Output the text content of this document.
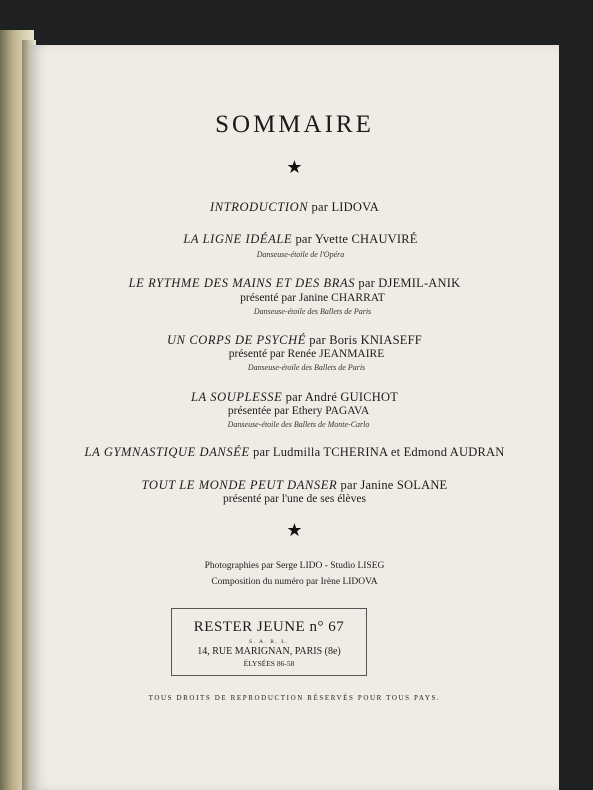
SOMMAIRE
★
INTRODUCTION par LIDOVA
LA LIGNE IDÉALE par Yvette CHAUVIRÉ
Danseuse-étoile de l'Opéra
LE RYTHME DES MAINS ET DES BRAS par DJEMIL-ANIK
présenté par Janine CHARRAT
Danseuse-étoile des Ballets de Paris
UN CORPS DE PSYCHÉ par Boris KNIASEFF
présenté par Renée JEANMAIRE
Danseuse-étoile des Ballets de Paris
LA SOUPLESSE par André GUICHOT
présentée par Ethery PAGAVA
Danseuse-étoile des Ballets de Monte-Carlo
LA GYMNASTIQUE DANSÉE par Ludmilla TCHERINA et Edmond AUDRAN
TOUT LE MONDE PEUT DANSER par Janine SOLANE
présenté par l'une de ses élèves
★
Photographies par Serge LIDO - Studio LISEG
Composition du numéro par Irène LIDOVA
RESTER JEUNE n° 67
S. A. R. L.
14, RUE MARIGNAN, PARIS (8e)
ÉLYSÉES 86-58
TOUS DROITS DE REPRODUCTION RÉSERVÉS POUR TOUS PAYS.
